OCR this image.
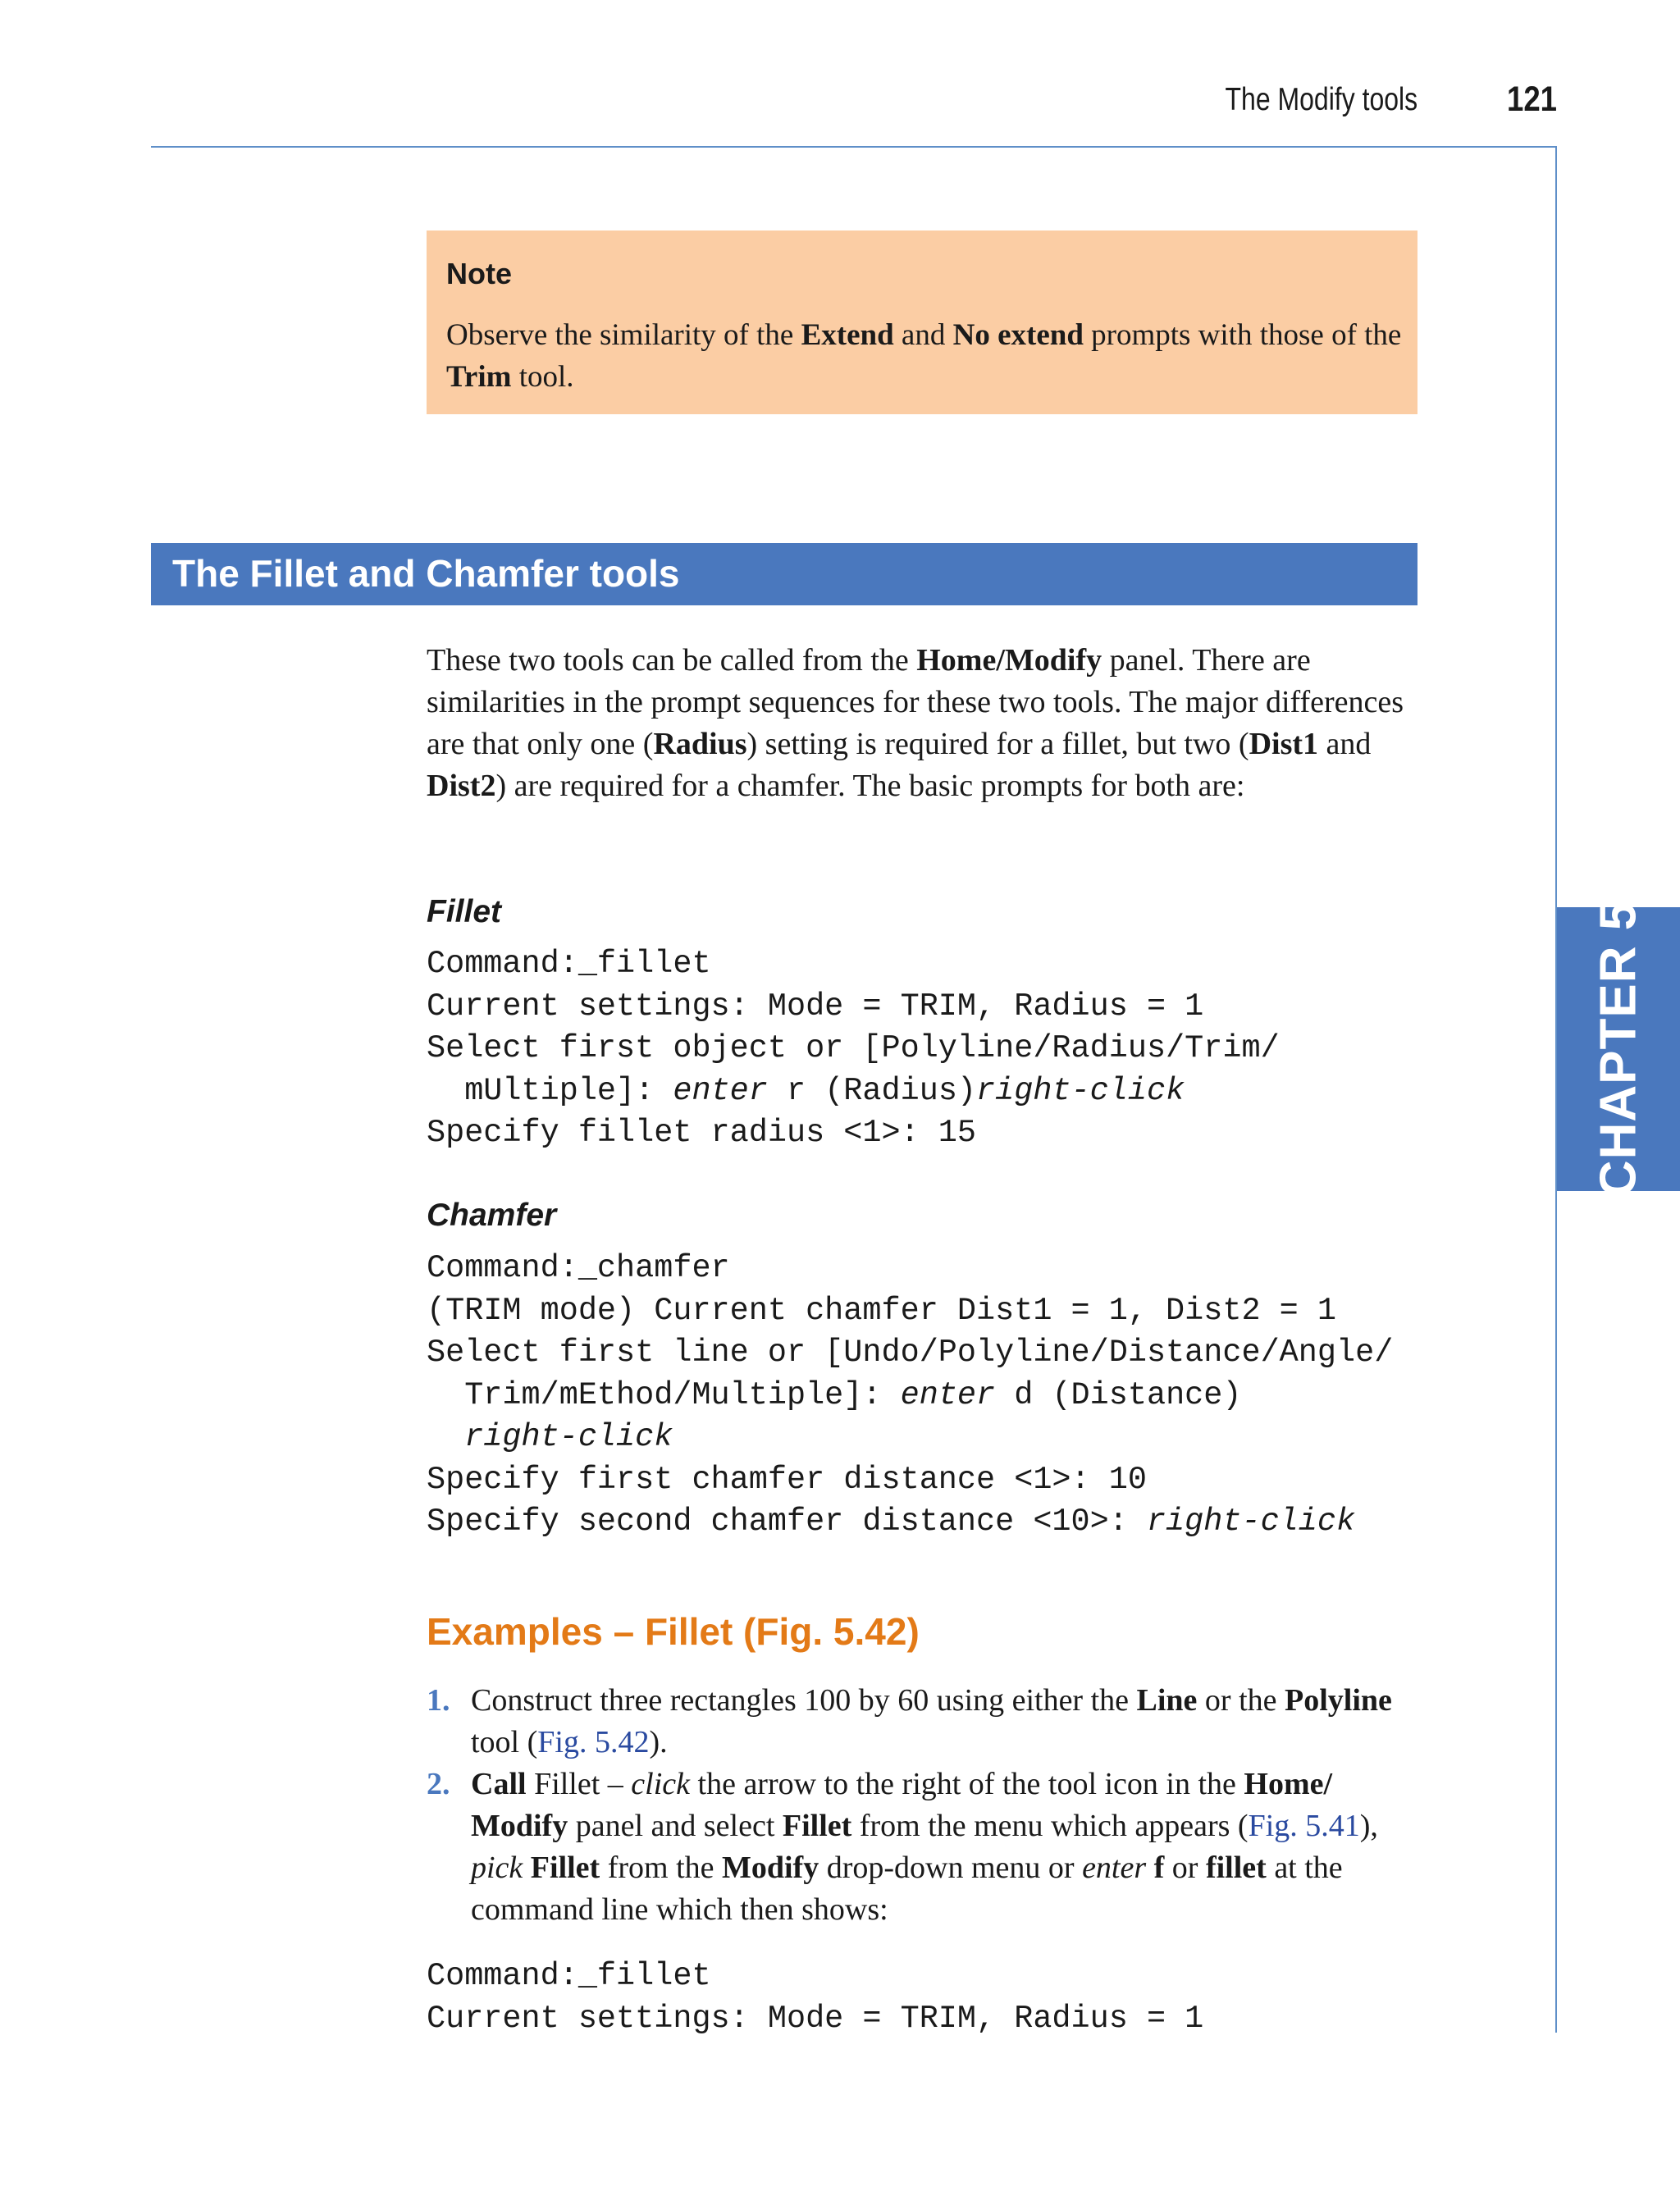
The Modify tools	121
CHAPTER 5
Note
Observe the similarity of the Extend and No extend prompts with those of the Trim tool.
The Fillet and Chamfer tools
These two tools can be called from the Home/Modify panel. There are similarities in the prompt sequences for these two tools. The major differences are that only one (Radius) setting is required for a fillet, but two (Dist1 and Dist2) are required for a chamfer. The basic prompts for both are:
Fillet
Command:_fillet
Current settings: Mode = TRIM, Radius = 1
Select first object or [Polyline/Radius/Trim/
mUltiple]: enter r (Radius)right-click
Specify fillet radius <1>: 15
Chamfer
Command:_chamfer
(TRIM mode) Current chamfer Dist1 = 1, Dist2 = 1
Select first line or [Undo/Polyline/Distance/Angle/
Trim/mEthod/Multiple]: enter d (Distance)
right-click
Specify first chamfer distance <1>: 10
Specify second chamfer distance <10>: right-click
Examples – Fillet (Fig. 5.42)
1. Construct three rectangles 100 by 60 using either the Line or the Polyline tool (Fig. 5.42).
2. Call Fillet – click the arrow to the right of the tool icon in the Home/ Modify panel and select Fillet from the menu which appears (Fig. 5.41), pick Fillet from the Modify drop-down menu or enter f or fillet at the command line which then shows:
Command:_fillet
Current settings: Mode = TRIM, Radius = 1
